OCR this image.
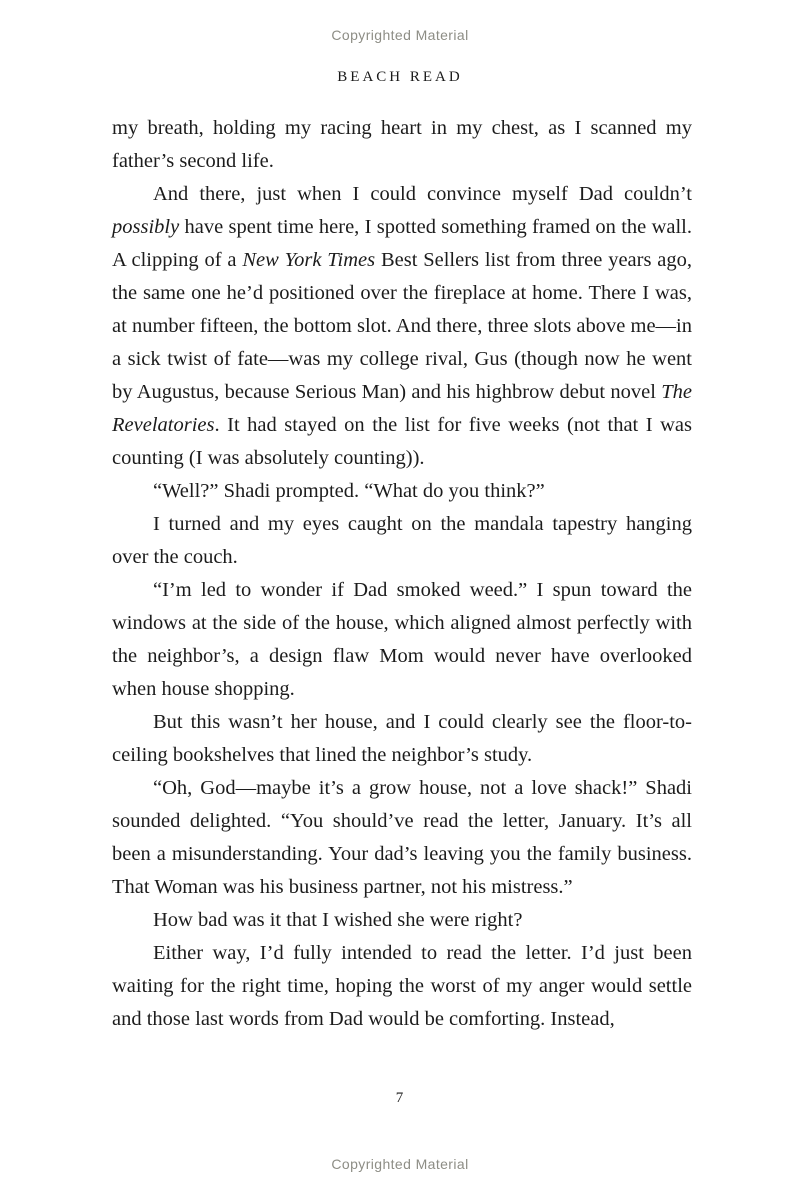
Copyrighted Material
BEACH READ

my breath, holding my racing heart in my chest, as I scanned my father’s second life.

And there, just when I could convince myself Dad couldn’t possibly have spent time here, I spotted something framed on the wall. A clipping of a New York Times Best Sellers list from three years ago, the same one he’d positioned over the fireplace at home. There I was, at number fifteen, the bottom slot. And there, three slots above me—in a sick twist of fate—was my college rival, Gus (though now he went by Augustus, because Serious Man) and his highbrow debut novel The Revelatories. It had stayed on the list for five weeks (not that I was counting (I was absolutely counting)).

“Well?” Shadi prompted. “What do you think?”

I turned and my eyes caught on the mandala tapestry hanging over the couch.

“I’m led to wonder if Dad smoked weed.” I spun toward the windows at the side of the house, which aligned almost perfectly with the neighbor’s, a design flaw Mom would never have overlooked when house shopping.

But this wasn’t her house, and I could clearly see the floor-to-ceiling bookshelves that lined the neighbor’s study.

“Oh, God—maybe it’s a grow house, not a love shack!” Shadi sounded delighted. “You should’ve read the letter, January. It’s all been a misunderstanding. Your dad’s leaving you the family business. That Woman was his business partner, not his mistress.”

How bad was it that I wished she were right?

Either way, I’d fully intended to read the letter. I’d just been waiting for the right time, hoping the worst of my anger would settle and those last words from Dad would be comforting. Instead,

7
Copyrighted Material
